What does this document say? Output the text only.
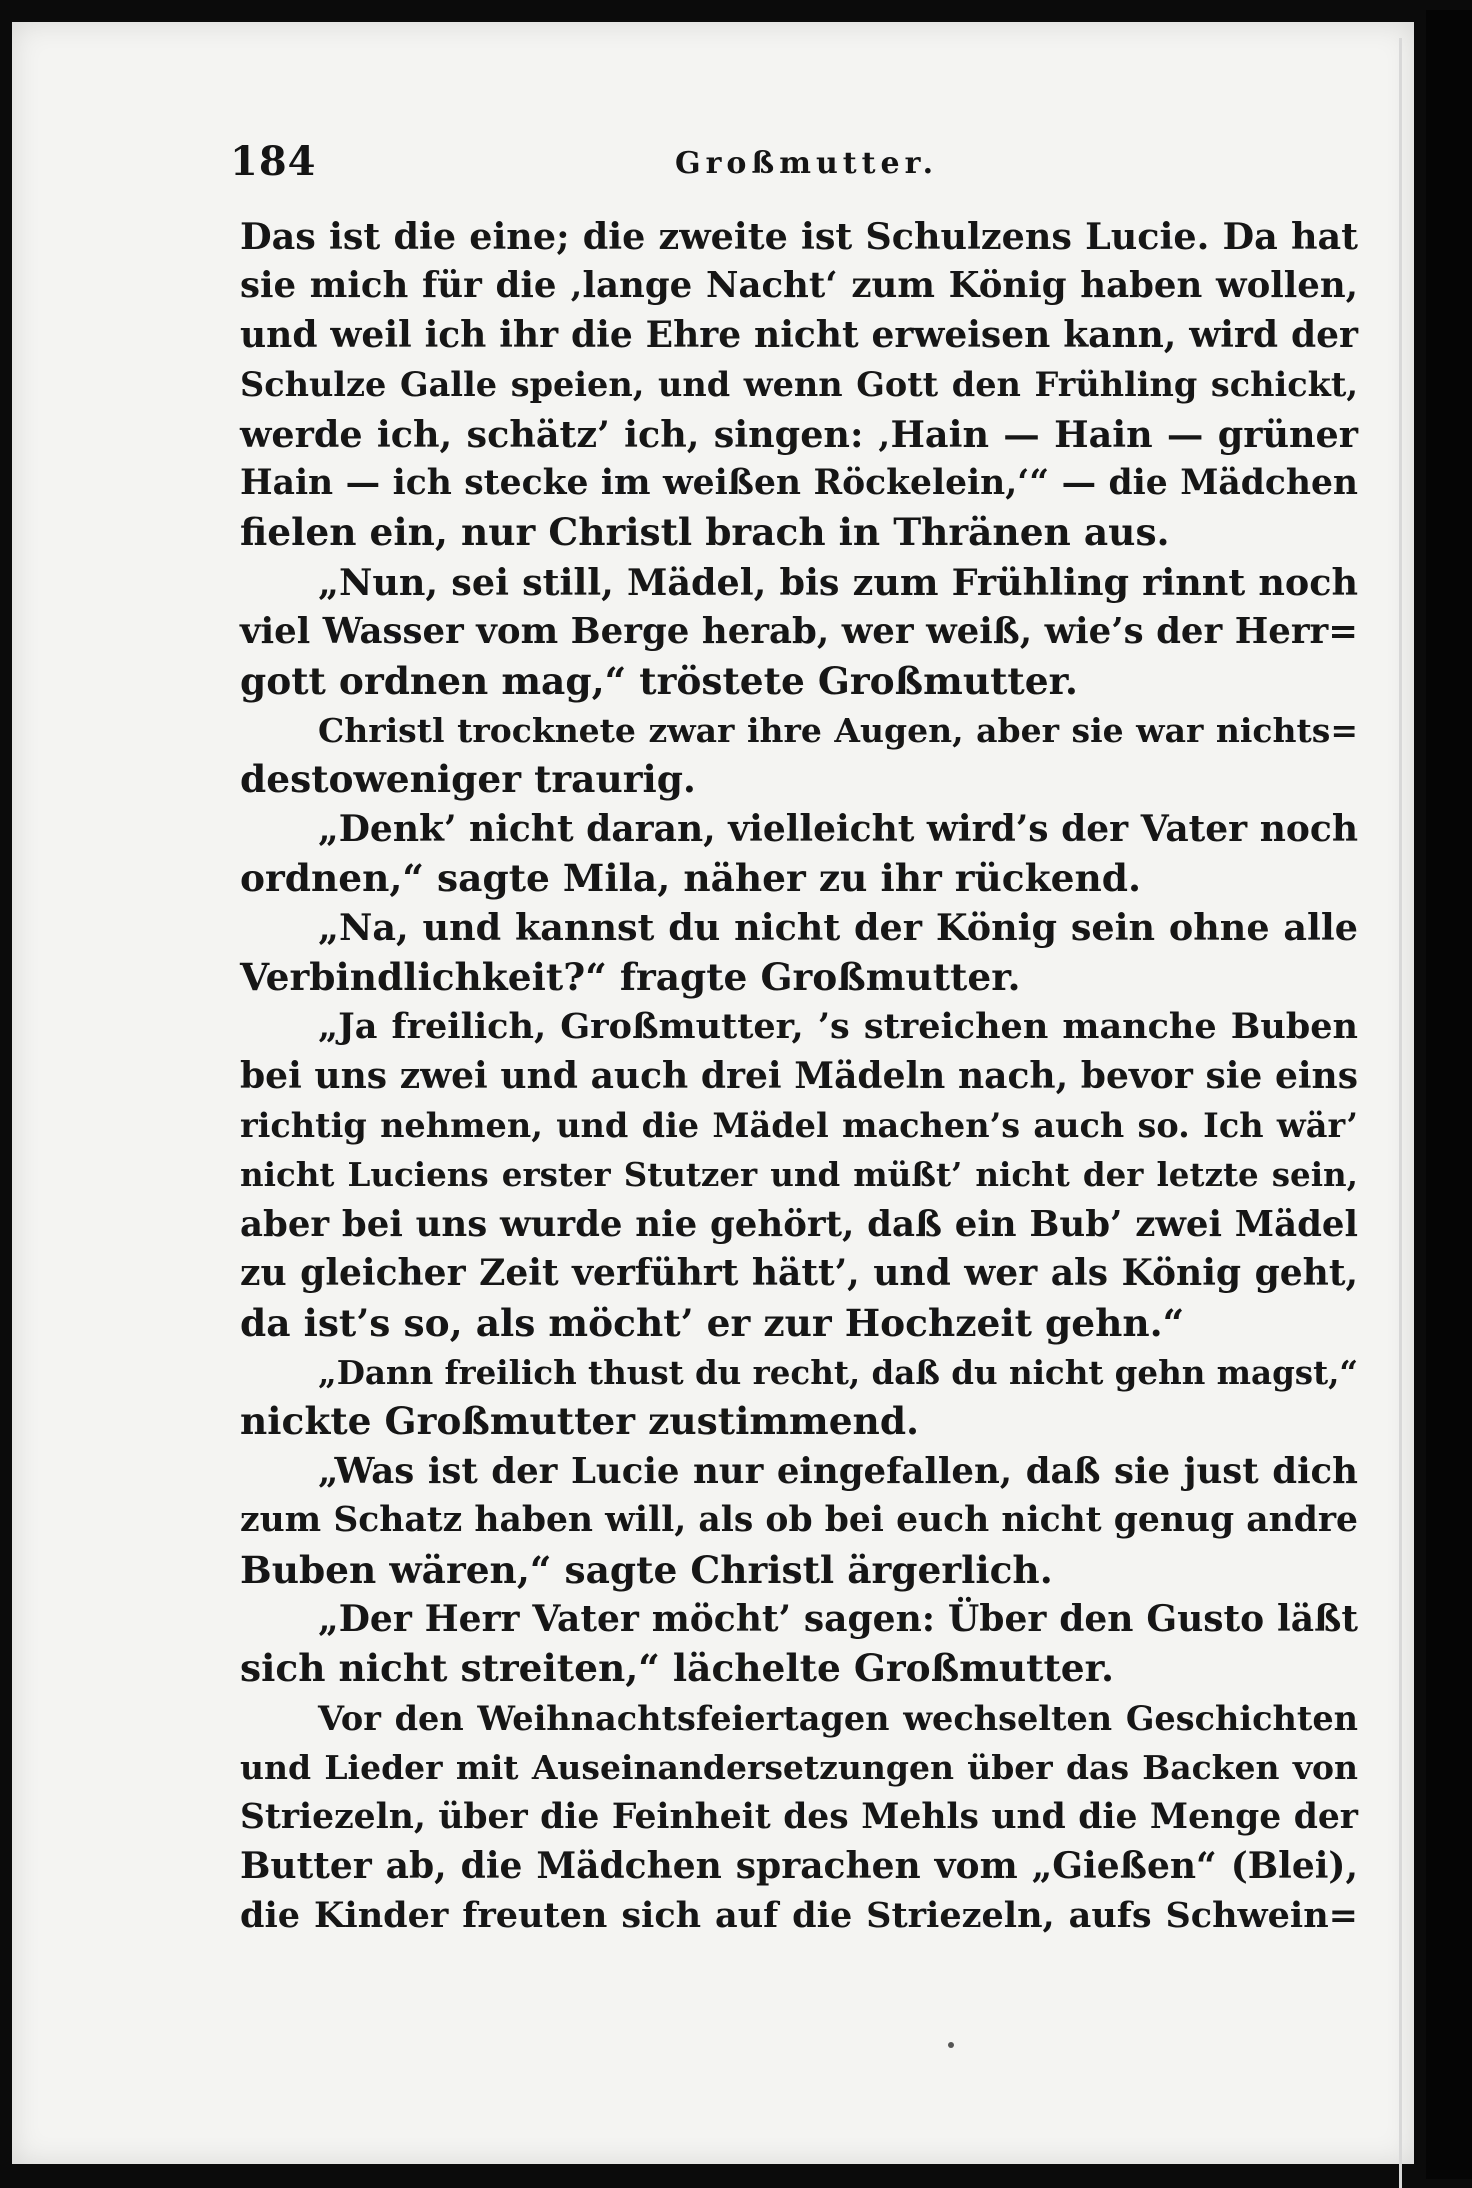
184	Großmutter.
Das ist die eine; die zweite ist Schulzens Lucie. Da hat
sie mich für die ‚lange Nacht‘ zum König haben wollen,
und weil ich ihr die Ehre nicht erweisen kann, wird der
Schulze Galle speien, und wenn Gott den Frühling schickt,
werde ich, schätz’ ich, singen: ‚Hain — Hain — grüner
Hain — ich stecke im weißen Röckelein,‘“ — die Mädchen
fielen ein, nur Christl brach in Thränen aus.
„Nun, sei still, Mädel, bis zum Frühling rinnt noch
viel Wasser vom Berge herab, wer weiß, wie’s der Herr=
gott ordnen mag,“ tröstete Großmutter.
Christl trocknete zwar ihre Augen, aber sie war nichts=
destoweniger traurig.
„Denk’ nicht daran, vielleicht wird’s der Vater noch
ordnen,“ sagte Mila, näher zu ihr rückend.
„Na, und kannst du nicht der König sein ohne alle
Verbindlichkeit?“ fragte Großmutter.
„Ja freilich, Großmutter, ’s streichen manche Buben
bei uns zwei und auch drei Mädeln nach, bevor sie eins
richtig nehmen, und die Mädel machen’s auch so. Ich wär’
nicht Luciens erster Stutzer und müßt’ nicht der letzte sein,
aber bei uns wurde nie gehört, daß ein Bub’ zwei Mädel
zu gleicher Zeit verführt hätt’, und wer als König geht,
da ist’s so, als möcht’ er zur Hochzeit gehn.“
„Dann freilich thust du recht, daß du nicht gehn magst,“
nickte Großmutter zustimmend.
„Was ist der Lucie nur eingefallen, daß sie just dich
zum Schatz haben will, als ob bei euch nicht genug andre
Buben wären,“ sagte Christl ärgerlich.
„Der Herr Vater möcht’ sagen: Über den Gusto läßt
sich nicht streiten,“ lächelte Großmutter.
Vor den Weihnachtsfeiertagen wechselten Geschichten
und Lieder mit Auseinandersetzungen über das Backen von
Striezeln, über die Feinheit des Mehls und die Menge der
Butter ab, die Mädchen sprachen vom „Gießen“ (Blei),
die Kinder freuten sich auf die Striezeln, aufs Schwein=
